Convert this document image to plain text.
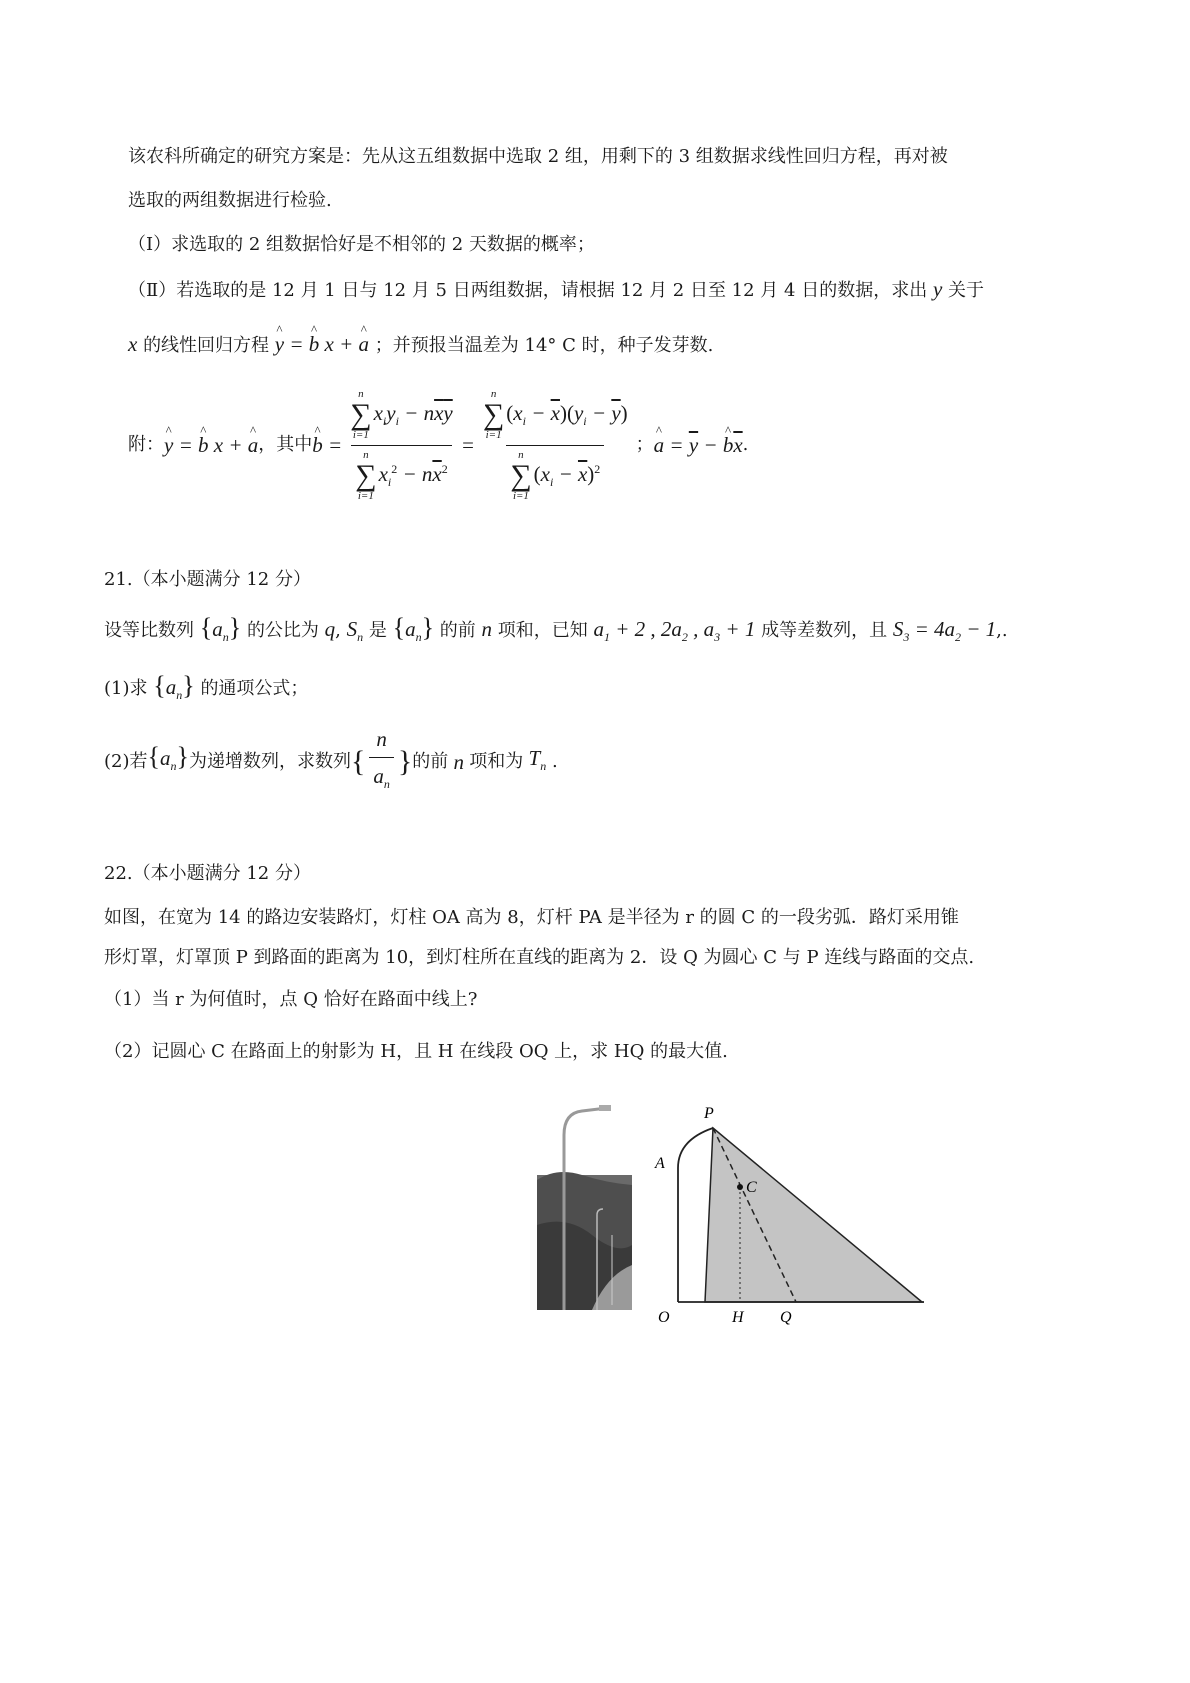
该农科所确定的研究方案是：先从这五组数据中选取 2 组，用剩下的 3 组数据求线性回归方程，再对被
选取的两组数据进行检验.
（Ⅰ）求选取的 2 组数据恰好是不相邻的 2 天数据的概率；
（Ⅱ）若选取的是 12 月 1 日与 12 月 5 日两组数据，请根据 12 月 2 日至 12 月 4 日的数据，求出 y 关于
x 的线性回归方程 ^ y = ^ b x + ^ a ；并预报当温差为 14° C 时，种子发芽数.
附： ^ y = ^ b x + ^ a ，其中 ^ b = n
∑
i=1
$x_iy_i - n\overline{x}\overline{y}$
n
∑
i=1
$x_i^2 - n\overline{x}^2 = n$
∑
i=1
$(x_i - \overline{x})(y_i - \overline{y})$
n
∑
i=1
$(x_i - \overline{x})^2$ ； ^ $a = \overline{y}$ − ^ $b\overline{x}$ .
21.（本小题满分 12 分）
设等比数列 $\{a_n\}$ 的公比为 q, $S_n$ 是 $\{a_n\}$ 的前 n 项和，已知 $a_1 + 2$ , $2a_2$ , $a_3 + 1$ 成等差数列，且 $S_3 = 4a_2 - 1$,.
(1)求 $\{a_n\}$ 的通项公式；
(2)若 $\{a_n\}$ 为递增数列，求数列 { $\frac{n}{a_n}$ } 的前 n 项和为 $T_n$ .
22.（本小题满分 12 分）
如图，在宽为 14 的路边安装路灯，灯柱 OA 高为 8，灯杆 PA 是半径为 r 的圆 C 的一段劣弧．路灯采用锥
形灯罩，灯罩顶 P 到路面的距离为 10，到灯柱所在直线的距离为 2．设 Q 为圆心 C 与 P 连线与路面的交点.
（1）当 r 为何值时，点 Q 恰好在路面中线上?
（2）记圆心 C 在路面上的射影为 H，且 H 在线段 OQ 上，求 HQ 的最大值.
P
A
C
O	H Q
